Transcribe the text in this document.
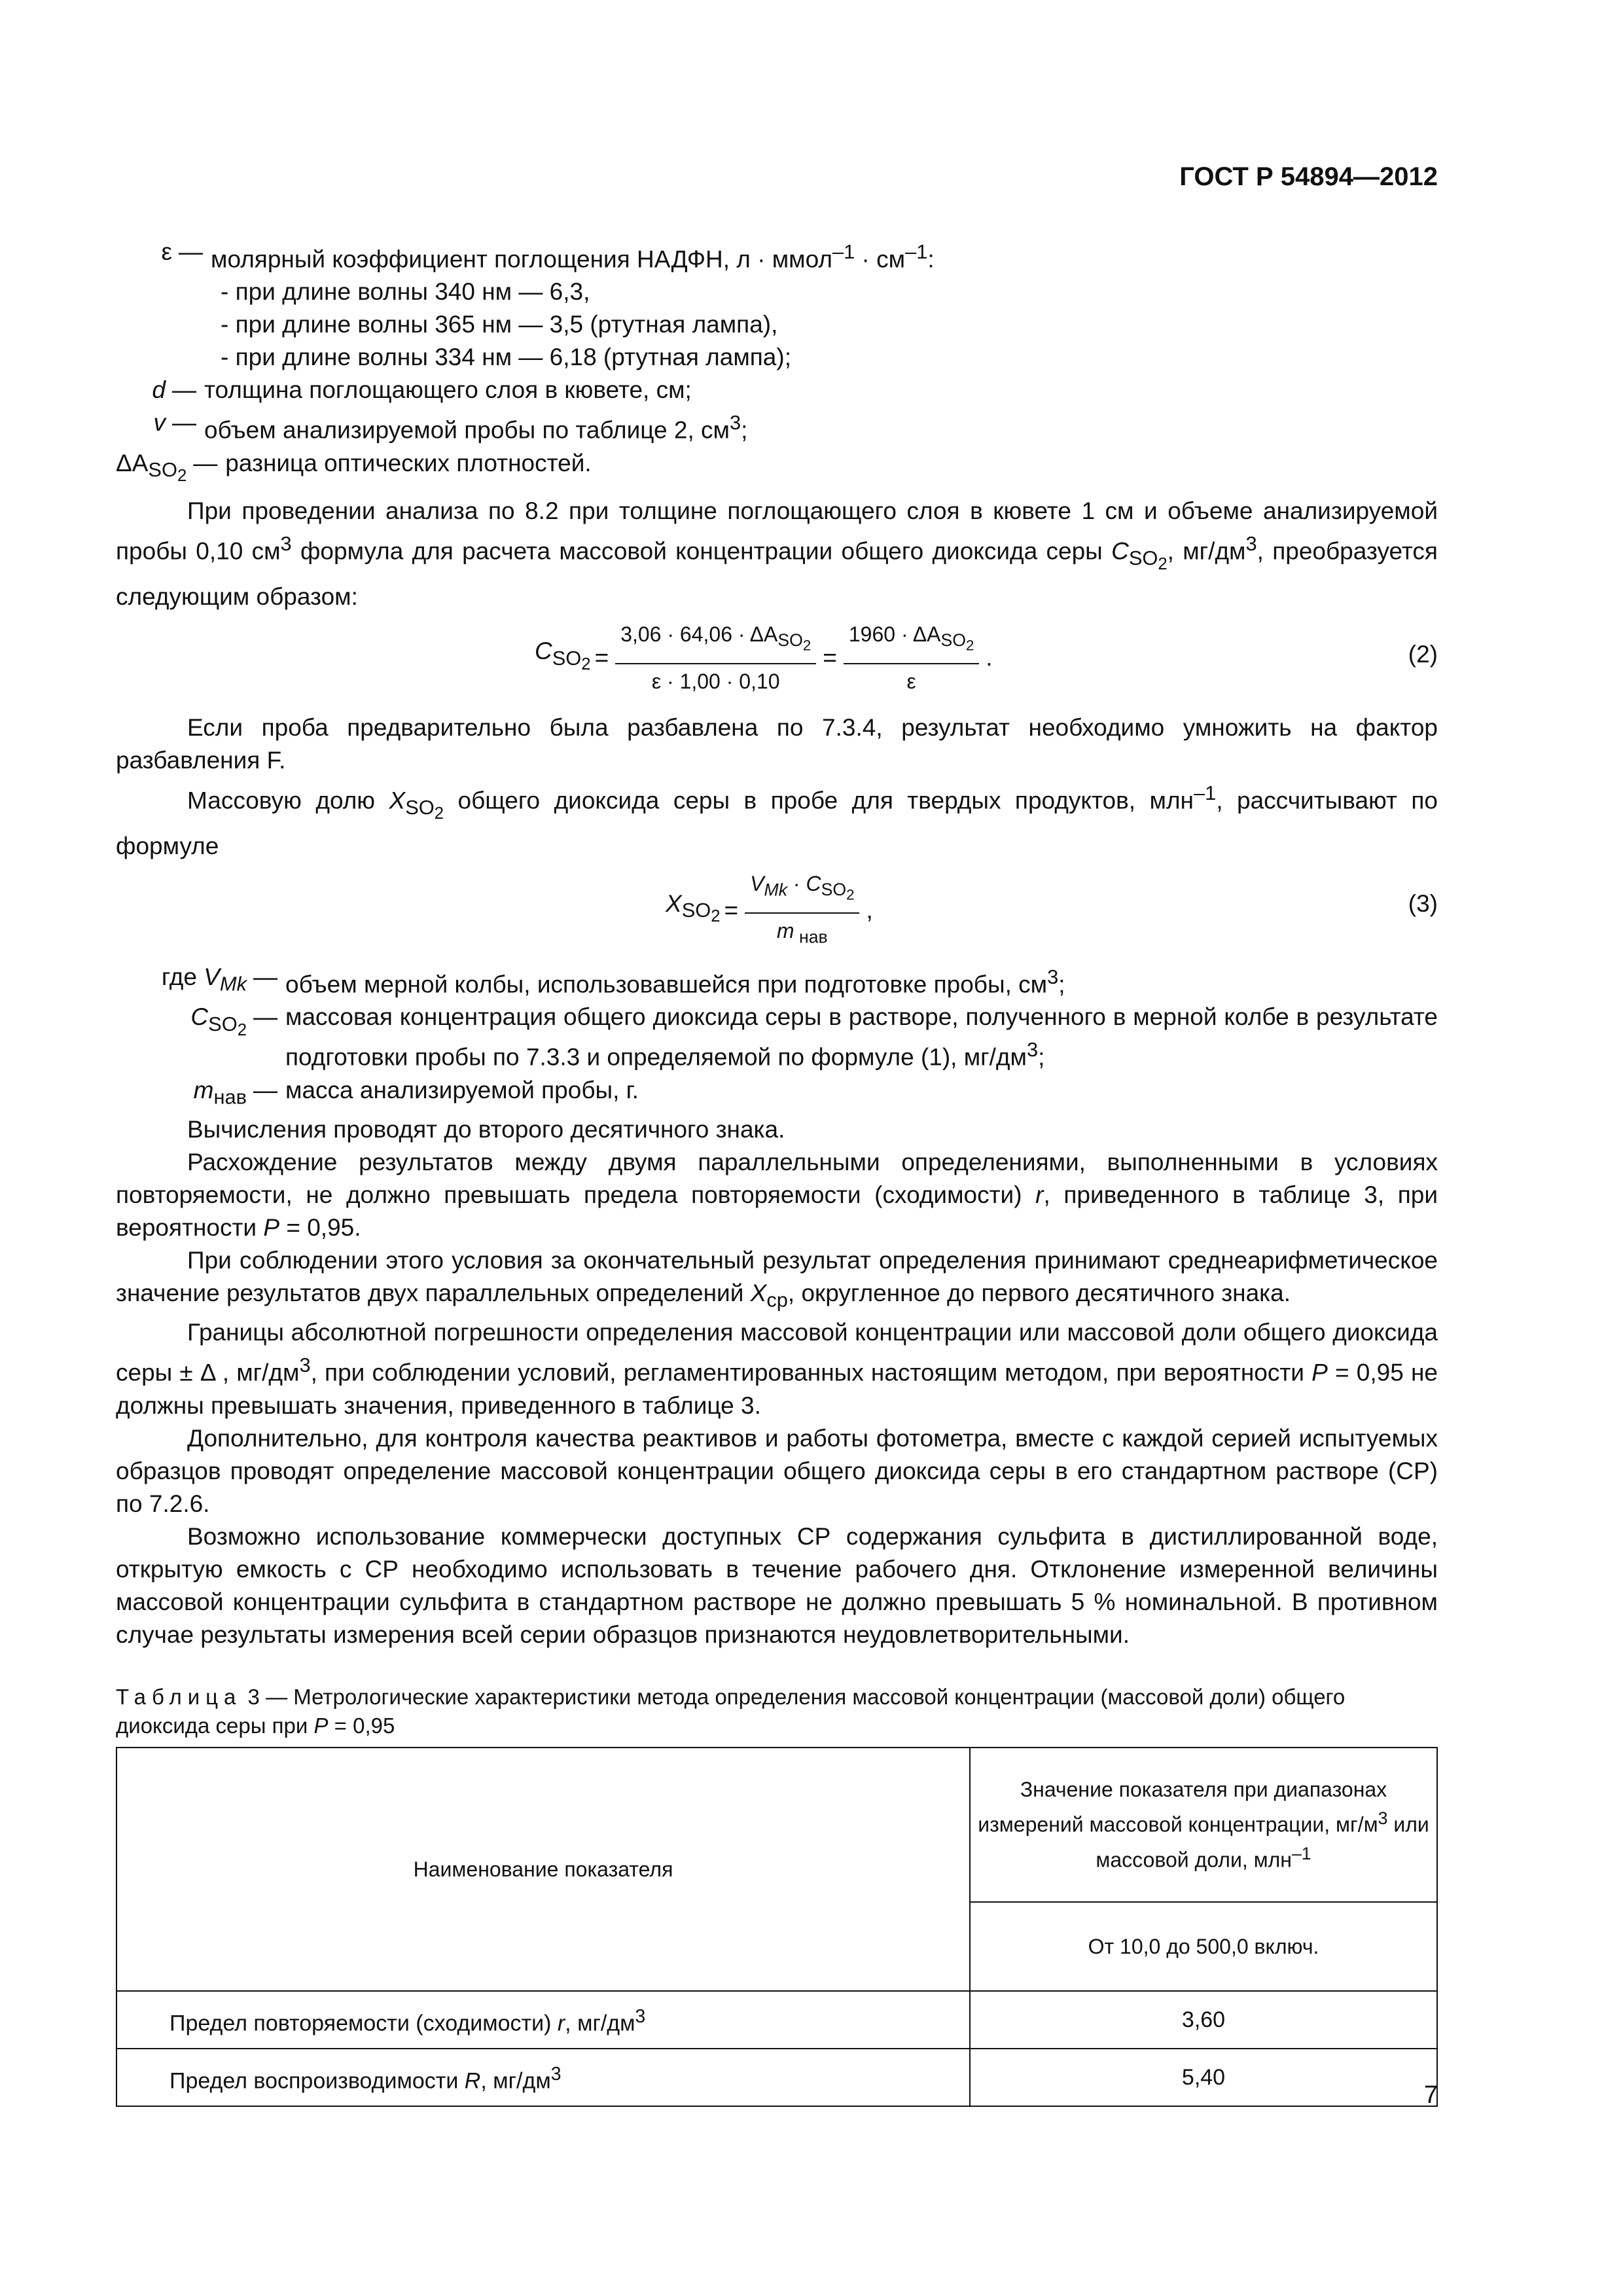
ГОСТ Р 54894—2012
ε — молярный коэффициент поглощения НАДФН, л · ммол$^{-1}$ · $см^{-1}$:

- при длине волны 340 нм — 6,3,

- при длине волны 365 нм — 3,5 (ртутная лампа),

- при длине волны 334 нм — 6,18 (ртутная лампа);

d — толщина поглощающего слоя в кювете, см;
v — объем анализируемой пробы по таблице 2, $см^3$;
$\Delta A_{SO_2}$ — разница оптических плотностей.

При проведении анализа по 8.2 при толщине поглощающего слоя в кювете 1 см и объеме анализируемой пробы 0,10 $см^3$ формула для расчета массовой концентрации общего диоксида серы $C_{SO_2}$, $мг/дм^3$, преобразуется следующим образом:

$C_{SO_2} = \frac{3,06 \cdot 64,06 \cdot \Delta A_{SO_2}}{\varepsilon \cdot 1,00 \cdot 0,10} = \frac{1960 \cdot \Delta A_{SO_2}}{\varepsilon}$ .	(2)

Если проба предварительно была разбавлена по 7.3.4, результат необходимо умножить на фактор разбавления F.

Массовую долю $X_{SO_2}$ общего диоксида серы в пробе для твердых продуктов, млн$^{-1}$, рассчитывают по формуле

$X_{SO_2} = \frac{V_{Mk} \cdot C_{SO_2}}{m _{нав}}$ ,	(3)
где $V_{Mk}$ — объем мерной колбы, использовавшейся при подготовке пробы, $см^3$;
$C_{SO_2}$ — массовая концентрация общего диоксида серы в растворе, полученного в мерной колбе в результате подготовки пробы по 7.3.3 и определяемой по формуле (1), $мг/дм^3$;
$m_{нав}$ — масса анализируемой пробы, г.

Вычисления проводят до второго десятичного знака.

Расхождение результатов между двумя параллельными определениями, выполненными в условиях повторяемости, не должно превышать предела повторяемости (сходимости) r, приведенного в таблице 3, при вероятности P = 0,95.

При соблюдении этого условия за окончательный результат определения принимают среднеарифметическое значение результатов двух параллельных определений $X_{ср}$, округленное до первого десятичного знака.

Границы абсолютной погрешности определения массовой концентрации или массовой доли общего диоксида серы ± Δ , $мг/дм^3$, при соблюдении условий, регламентированных настоящим методом, при вероятности P = 0,95 не должны превышать значения, приведенного в таблице 3.

Дополнительно, для контроля качества реактивов и работы фотометра, вместе с каждой серией испытуемых образцов проводят определение массовой концентрации общего диоксида серы в его стандартном растворе (СР) по 7.2.6.

Возможно использование коммерчески доступных СР содержания сульфита в дистиллированной воде, открытую емкость с СР необходимо использовать в течение рабочего дня. Отклонение измеренной величины массовой концентрации сульфита в стандартном растворе не должно превышать 5 % номинальной. В противном случае результаты измерения всей серии образцов признаются неудовлетворительными.

Таблица 3 — Метрологические характеристики метода определения массовой концентрации (массовой доли) общего диоксида серы при P = 0,95

Наименование показателя	Значение показателя при диапазонах измерений массовой концентрации, $мг/м^3$ или массовой доли, млн$^{-1}$
	От 10,0 до 500,0 включ.
Предел повторяемости (сходимости) r, $мг/дм^3$	3,60
Предел воспроизводимости R, $мг/дм^3$	5,40
7
